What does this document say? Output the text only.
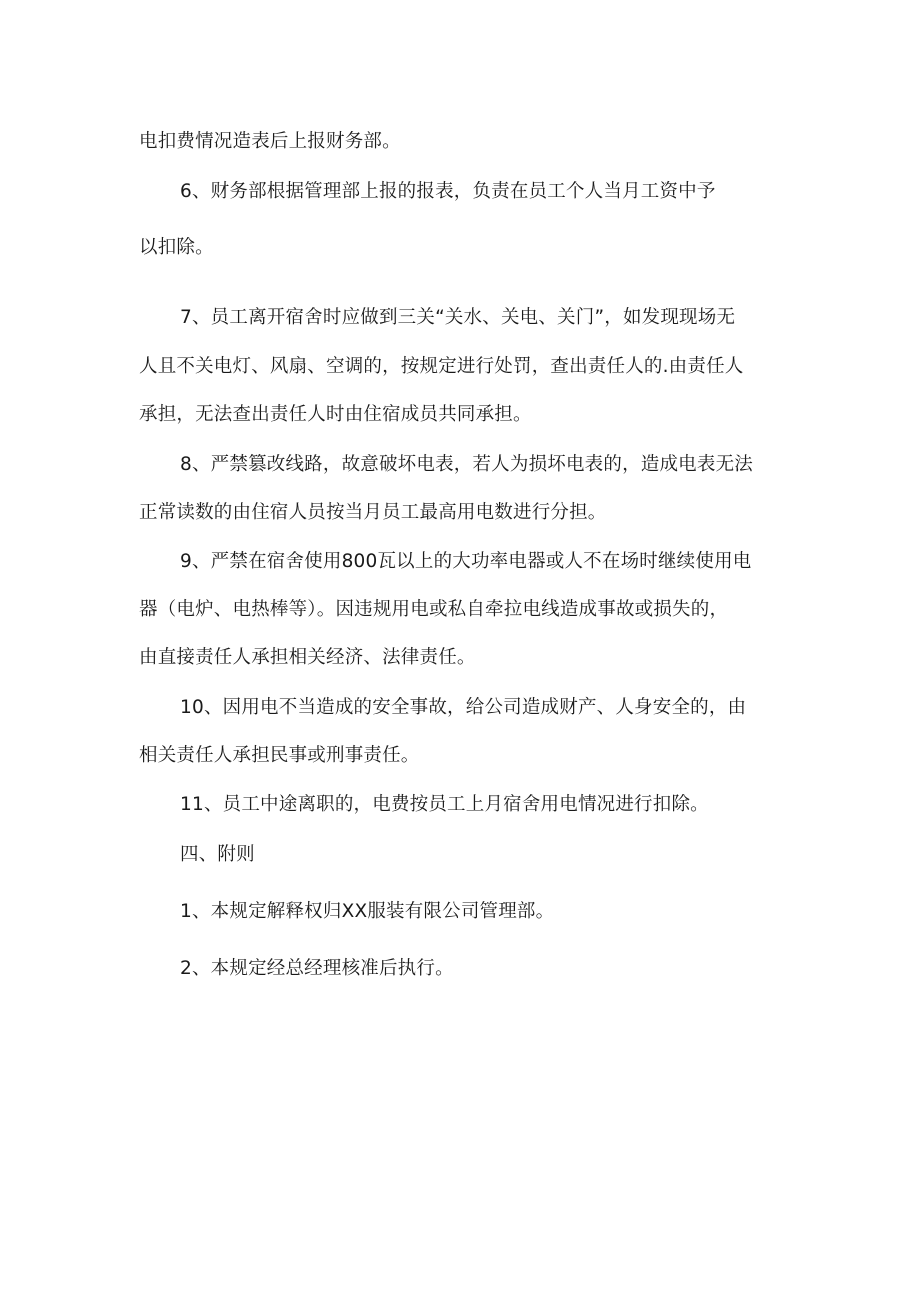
电扣费情况造表后上报财务部。
6、财务部根据管理部上报的报表，负责在员工个人当月工资中予
以扣除。
7、员工离开宿舍时应做到三关“关水、关电、关门”，如发现现场无
人且不关电灯、风扇、空调的，按规定进行处罚，查出责任人的.由责任人
承担，无法查出责任人时由住宿成员共同承担。
8、严禁篡改线路，故意破坏电表，若人为损坏电表的，造成电表无法
正常读数的由住宿人员按当月员工最高用电数进行分担。
9、严禁在宿舍使用800瓦以上的大功率电器或人不在场时继续使用电
器（电炉、电热棒等）。因违规用电或私自牵拉电线造成事故或损失的，
由直接责任人承担相关经济、法律责任。
10、因用电不当造成的安全事故，给公司造成财产、人身安全的，由
相关责任人承担民事或刑事责任。
11、员工中途离职的，电费按员工上月宿舍用电情况进行扣除。
四、附则
1、本规定解释权归XX服装有限公司管理部。
2、本规定经总经理核准后执行。
